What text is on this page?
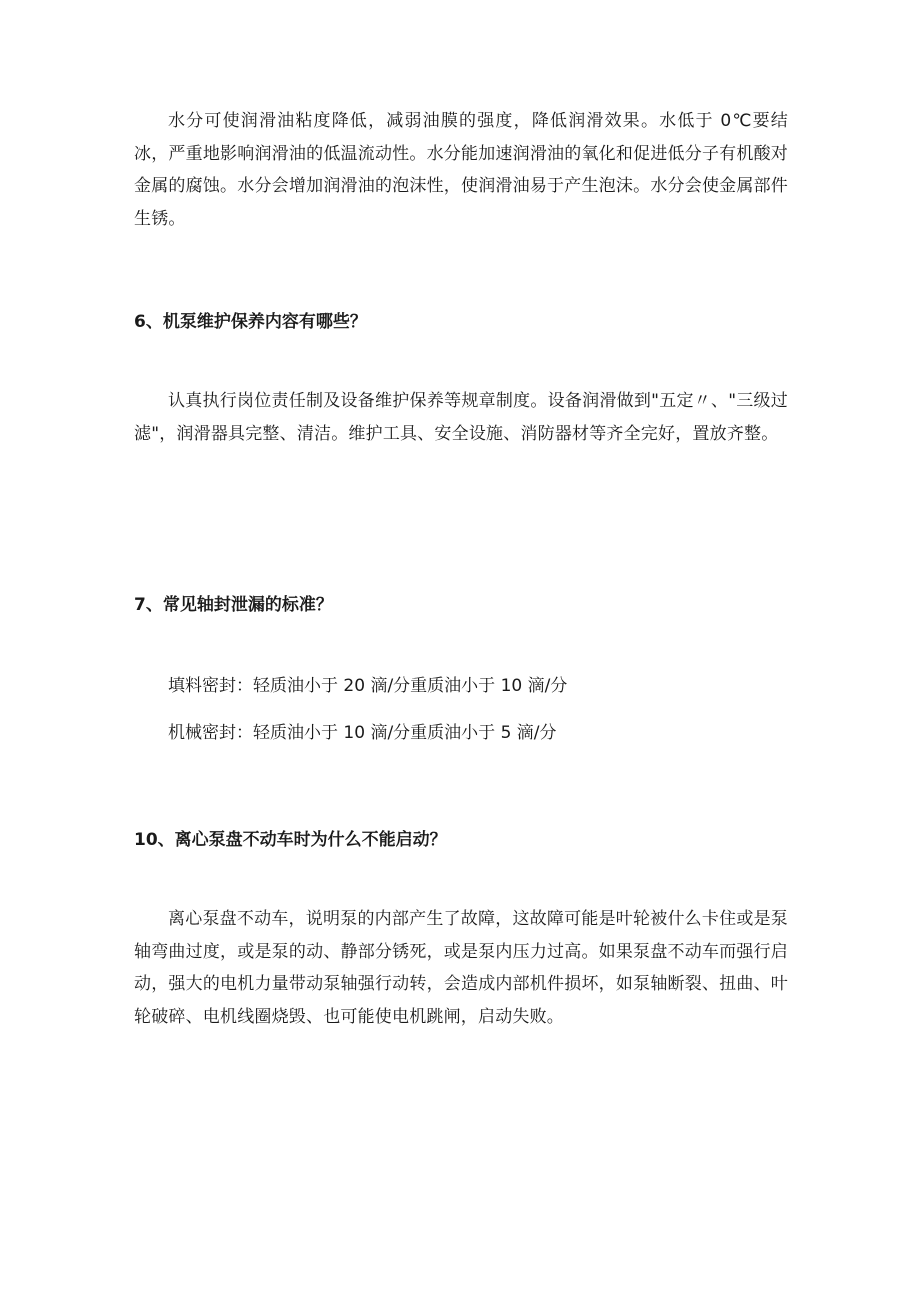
水分可使润滑油粘度降低，减弱油膜的强度，降低润滑效果。水低于 0℃要结冰，严重地影响润滑油的低温流动性。水分能加速润滑油的氧化和促进低分子有机酸对金属的腐蚀。水分会增加润滑油的泡沫性，使润滑油易于产生泡沫。水分会使金属部件生锈。

6、机泵维护保养内容有哪些？

认真执行岗位责任制及设备维护保养等规章制度。设备润滑做到"五定〃、"三级过滤"，润滑器具完整、清洁。维护工具、安全设施、消防器材等齐全完好，置放齐整。

7、常见轴封泄漏的标准？

填料密封：轻质油小于 20 滴/分重质油小于 10 滴/分

机械密封：轻质油小于 10 滴/分重质油小于 5 滴/分

10、离心泵盘不动车时为什么不能启动？

离心泵盘不动车，说明泵的内部产生了故障，这故障可能是叶轮被什么卡住或是泵轴弯曲过度，或是泵的动、静部分锈死，或是泵内压力过高。如果泵盘不动车而强行启动，强大的电机力量带动泵轴强行动转，会造成内部机件损坏，如泵轴断裂、扭曲、叶轮破碎、电机线圈烧毁、也可能使电机跳闸，启动失败。
